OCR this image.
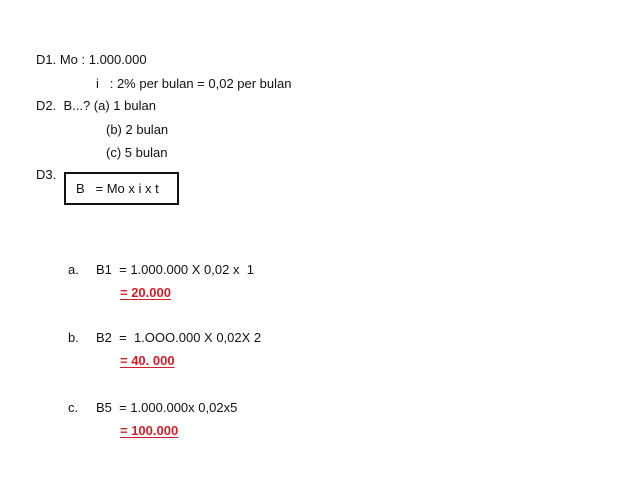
D1. Mo : 1.000.000
i   : 2% per bulan = 0,02 per bulan
D2.  B...? (a) 1 bulan
(b) 2 bulan
(c) 5 bulan
D3.
B   = Mo x i x t
a. B1  = 1.000.000 X 0,02 x  1
= 20.000
b. B2  =  1.OOO.000 X 0,02X 2
= 40. 000
c. B5  = 1.000.000x 0,02x5
= 100.000
